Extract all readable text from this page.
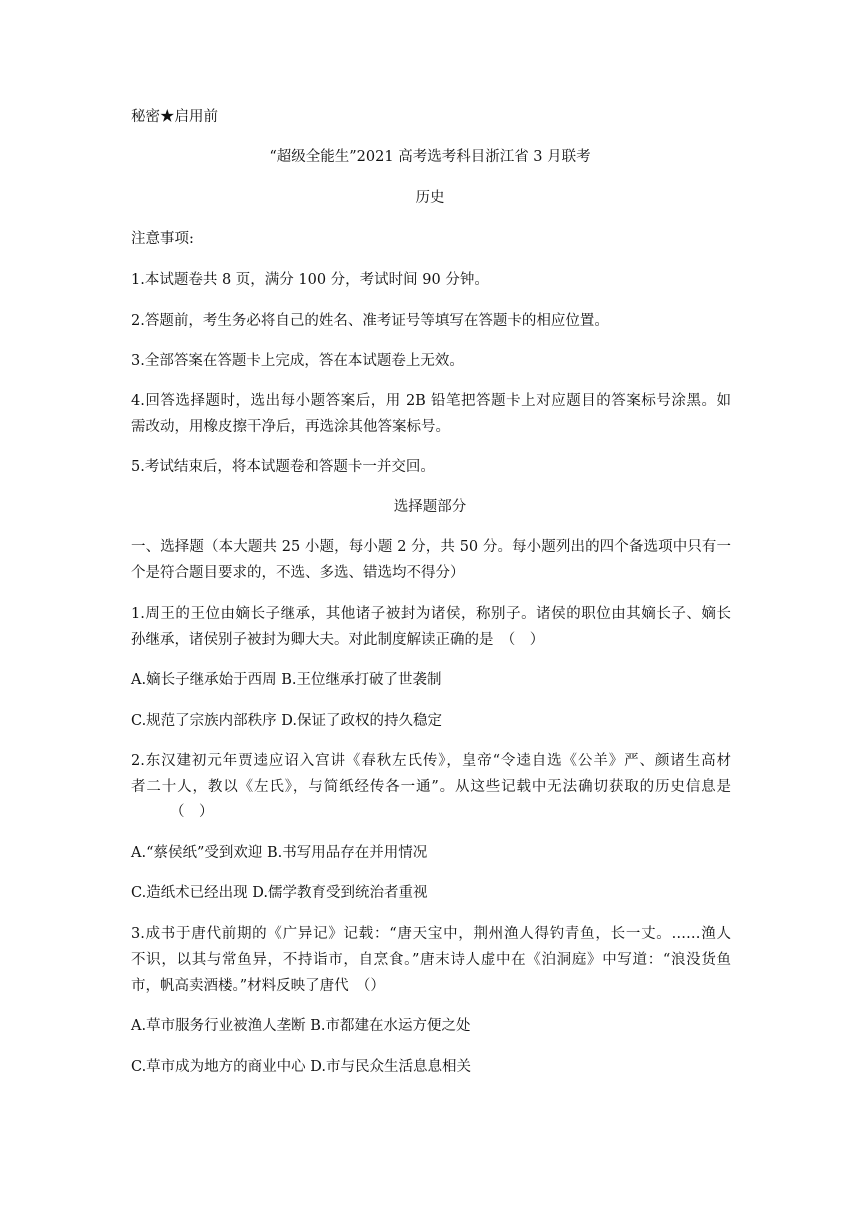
秘密★启用前
“超级全能生”2021 高考选考科目浙江省 3 月联考
历史
注意事项:
1.本试题卷共 8 页，满分 100 分，考试时间 90 分钟。
2.答题前，考生务必将自己的姓名、准考证号等填写在答题卡的相应位置。
3.全部答案在答题卡上完成，答在本试题卷上无效。
4.回答选择题时，选出每小题答案后，用 2B 铅笔把答题卡上对应题目的答案标号涂黑。如
需改动，用橡皮擦干净后，再选涂其他答案标号。
5.考试结束后，将本试题卷和答题卡一并交回。
选择题部分
一、选择题（本大题共 25 小题，每小题 2 分，共 50 分。每小题列出的四个备选项中只有一
个是符合题目要求的，不选、多选、错选均不得分）
1.周王的王位由嫡长子继承，其他诸子被封为诸侯，称别子。诸侯的职位由其嫡长子、嫡长
孙继承，诸侯别子被封为卿大夫。对此制度解读正确的是　（　）
A.嫡长子继承始于西周 B.王位继承打破了世袭制
C.规范了宗族内部秩序 D.保证了政权的持久稳定
2.东汉建初元年贾逵应诏入宫讲《春秋左氏传》，皇帝“令逵自选《公羊》严、颜诸生高材
者二十人，教以《左氏》，与简纸经传各一通”。从这些记载中无法确切获取的历史信息是
（　）
A.“蔡侯纸”受到欢迎 B.书写用品存在并用情况
C.造纸术已经出现 D.儒学教育受到统治者重视
3.成书于唐代前期的《广异记》记载：“唐天宝中，荆州渔人得钓青鱼，长一丈。……渔人
不识，以其与常鱼异，不持诣市，自烹食。”唐末诗人虚中在《泊洞庭》中写道：“浪没货鱼
市，帆高卖酒楼。”材料反映了唐代　（）
A.草市服务行业被渔人垄断 B.市都建在水运方便之处
C.草市成为地方的商业中心 D.市与民众生活息息相关
